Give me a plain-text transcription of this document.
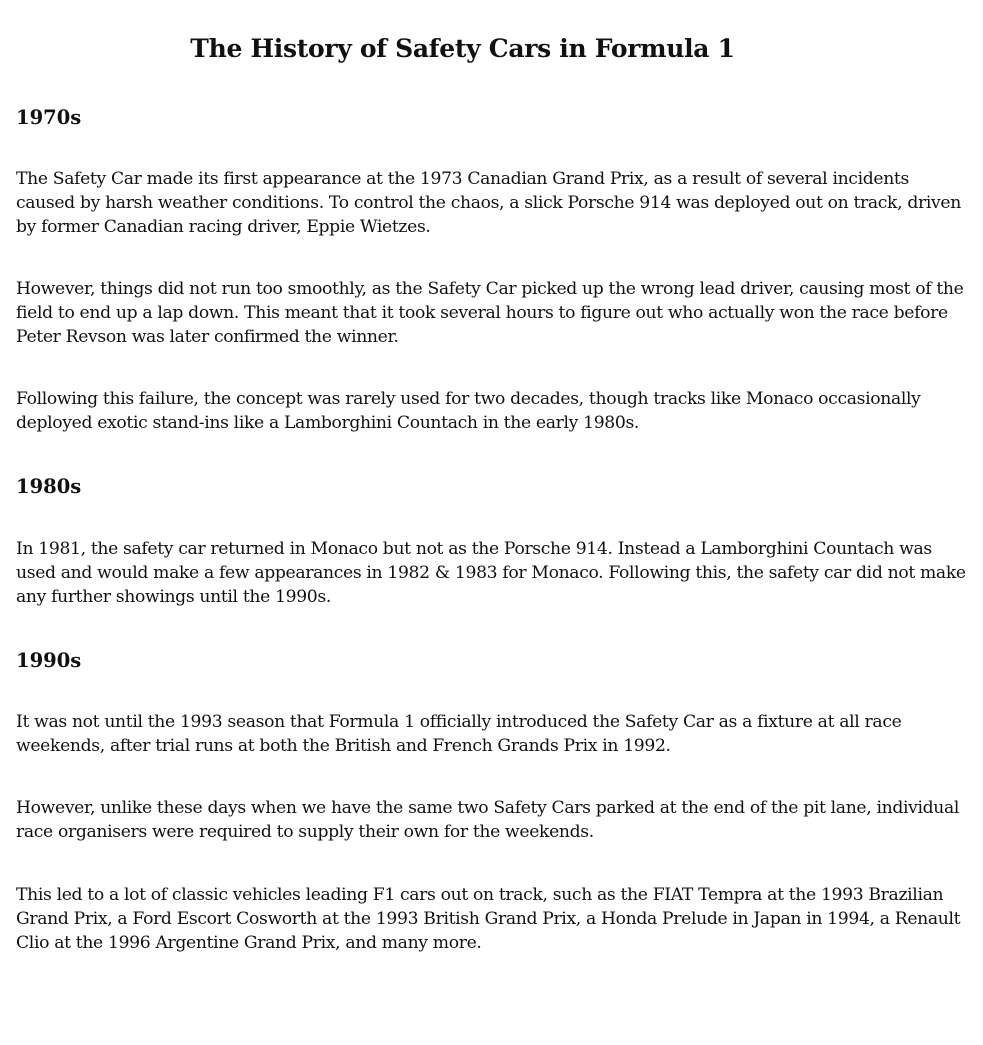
The History of Safety Cars in Formula 1
1970s

The Safety Car made its first appearance at the 1973 Canadian Grand Prix, as a result of several incidents caused by harsh weather conditions. To control the chaos, a slick Porsche 914 was deployed out on track, driven by former Canadian racing driver, Eppie Wietzes.

However, things did not run too smoothly, as the Safety Car picked up the wrong lead driver, causing most of the field to end up a lap down. This meant that it took several hours to figure out who actually won the race before Peter Revson was later confirmed the winner.

Following this failure, the concept was rarely used for two decades, though tracks like Monaco occasionally deployed exotic stand-ins like a Lamborghini Countach in the early 1980s.

1980s

In 1981, the safety car returned in Monaco but not as the Porsche 914. Instead a Lamborghini Countach was used and would make a few appearances in 1982 & 1983 for Monaco. Following this, the safety car did not make any further showings until the 1990s.

1990s

It was not until the 1993 season that Formula 1 officially introduced the Safety Car as a fixture at all race weekends, after trial runs at both the British and French Grands Prix in 1992.

However, unlike these days when we have the same two Safety Cars parked at the end of the pit lane, individual race organisers were required to supply their own for the weekends.

This led to a lot of classic vehicles leading F1 cars out on track, such as the FIAT Tempra at the 1993 Brazilian Grand Prix, a Ford Escort Cosworth at the 1993 British Grand Prix, a Honda Prelude in Japan in 1994, a Renault Clio at the 1996 Argentine Grand Prix, and many more.
